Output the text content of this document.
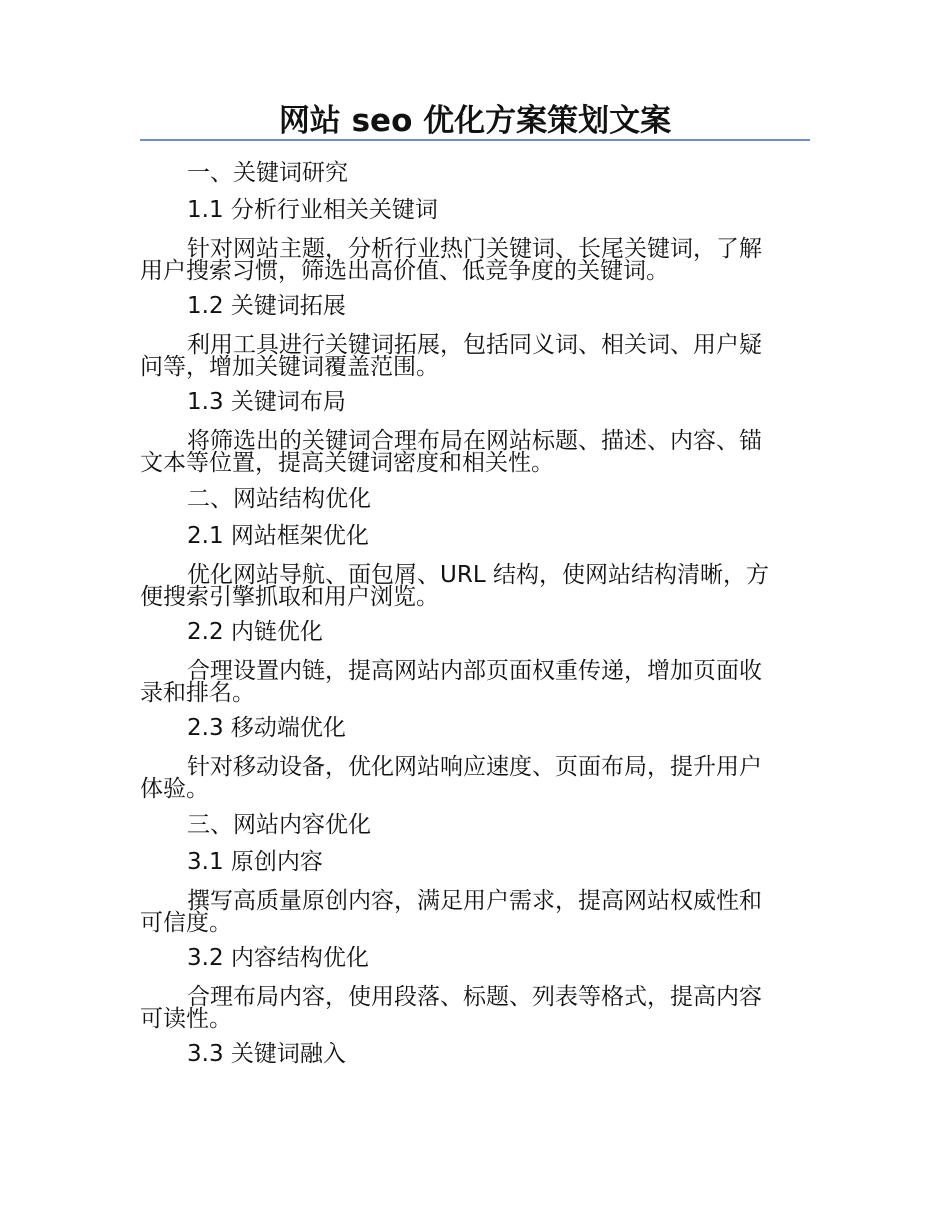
网站 seo 优化方案策划文案
一、关键词研究
1.1 分析行业相关关键词
针对网站主题，分析行业热门关键词、长尾关键词，了解
用户搜索习惯，筛选出高价值、低竞争度的关键词。
1.2 关键词拓展
利用工具进行关键词拓展，包括同义词、相关词、用户疑
问等，增加关键词覆盖范围。
1.3 关键词布局
将筛选出的关键词合理布局在网站标题、描述、内容、锚
文本等位置，提高关键词密度和相关性。
二、网站结构优化
2.1 网站框架优化
优化网站导航、面包屑、URL 结构，使网站结构清晰，方
便搜索引擎抓取和用户浏览。
2.2 内链优化
合理设置内链，提高网站内部页面权重传递，增加页面收
录和排名。
2.3 移动端优化
针对移动设备，优化网站响应速度、页面布局，提升用户
体验。
三、网站内容优化
3.1 原创内容
撰写高质量原创内容，满足用户需求，提高网站权威性和
可信度。
3.2 内容结构优化
合理布局内容，使用段落、标题、列表等格式，提高内容
可读性。
3.3 关键词融入
